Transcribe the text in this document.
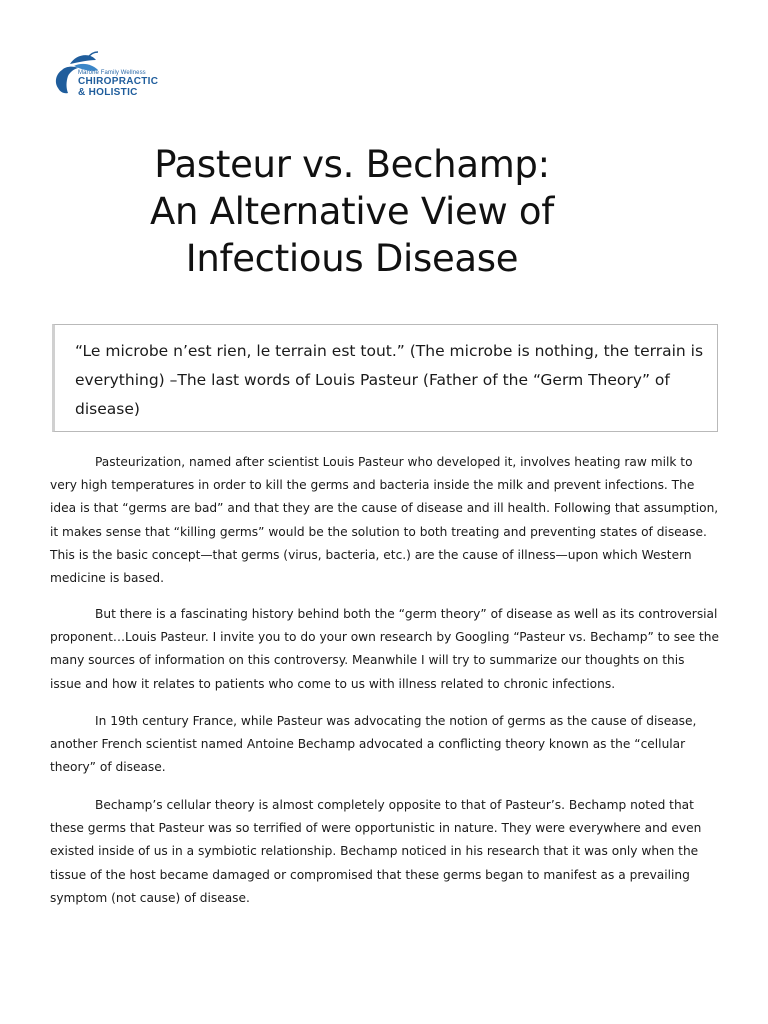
Marone Family Wellness
CHIROPRACTIC
& HOLISTIC
Pasteur vs. Bechamp:
An Alternative View of
Infectious Disease
“Le microbe n’est rien, le terrain est tout.” (The microbe is nothing, the terrain is
everything) –The last words of Louis Pasteur (Father of the “Germ Theory” of
disease)
Pasteurization, named after scientist Louis Pasteur who developed it, involves heating raw milk to
very high temperatures in order to kill the germs and bacteria inside the milk and prevent infections. The
idea is that “germs are bad” and that they are the cause of disease and ill health. Following that assumption,
it makes sense that “killing germs” would be the solution to both treating and preventing states of disease.
This is the basic concept—that germs (virus, bacteria, etc.) are the cause of illness—upon which Western
medicine is based.
But there is a fascinating history behind both the “germ theory” of disease as well as its controversial
proponent…Louis Pasteur. I invite you to do your own research by Googling “Pasteur vs. Bechamp” to see the
many sources of information on this controversy. Meanwhile I will try to summarize our thoughts on this
issue and how it relates to patients who come to us with illness related to chronic infections.
In 19th century France, while Pasteur was advocating the notion of germs as the cause of disease,
another French scientist named Antoine Bechamp advocated a conflicting theory known as the “cellular
theory” of disease.
Bechamp’s cellular theory is almost completely opposite to that of Pasteur’s. Bechamp noted that
these germs that Pasteur was so terrified of were opportunistic in nature. They were everywhere and even
existed inside of us in a symbiotic relationship. Bechamp noticed in his research that it was only when the
tissue of the host became damaged or compromised that these germs began to manifest as a prevailing
symptom (not cause) of disease.
